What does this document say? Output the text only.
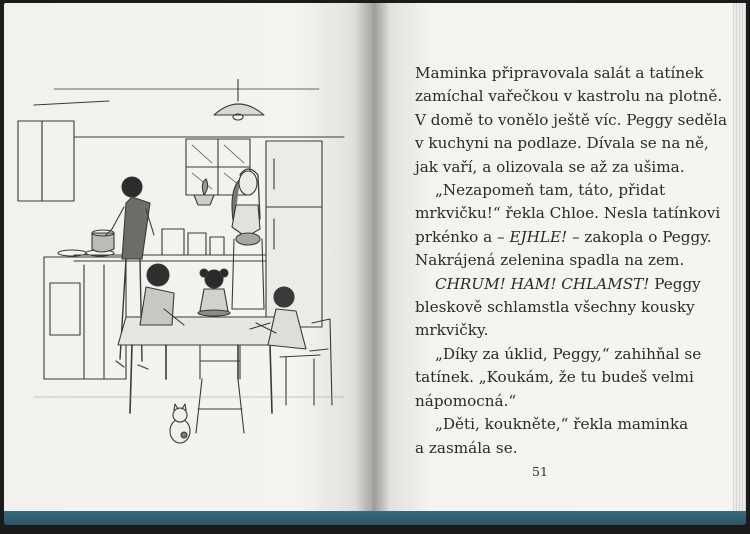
Maminka připravovala salát a tatínek
zamíchal vařečkou v kastrolu na plotně.
V domě to vonělo ještě víc. Peggy seděla
v kuchyni na podlaze. Dívala se na ně,
jak vaří, a olizovala se až za ušima.
„Nezapomeň tam, táto, přidat
mrkvičku!“ řekla Chloe. Nesla tatínkovi
prkénko a – EJHLE! – zakopla o Peggy.
Nakrájená zelenina spadla na zem.
CHRUM! HAM! CHLAMST! Peggy
bleskově schlamstla všechny kousky
mrkvičky.
„Díky za úklid, Peggy,“ zahihňal se
tatínek. „Koukám, že tu budeš velmi
nápomocná.“
„Děti, koukněte,“ řekla maminka
a zasmála se.
51
